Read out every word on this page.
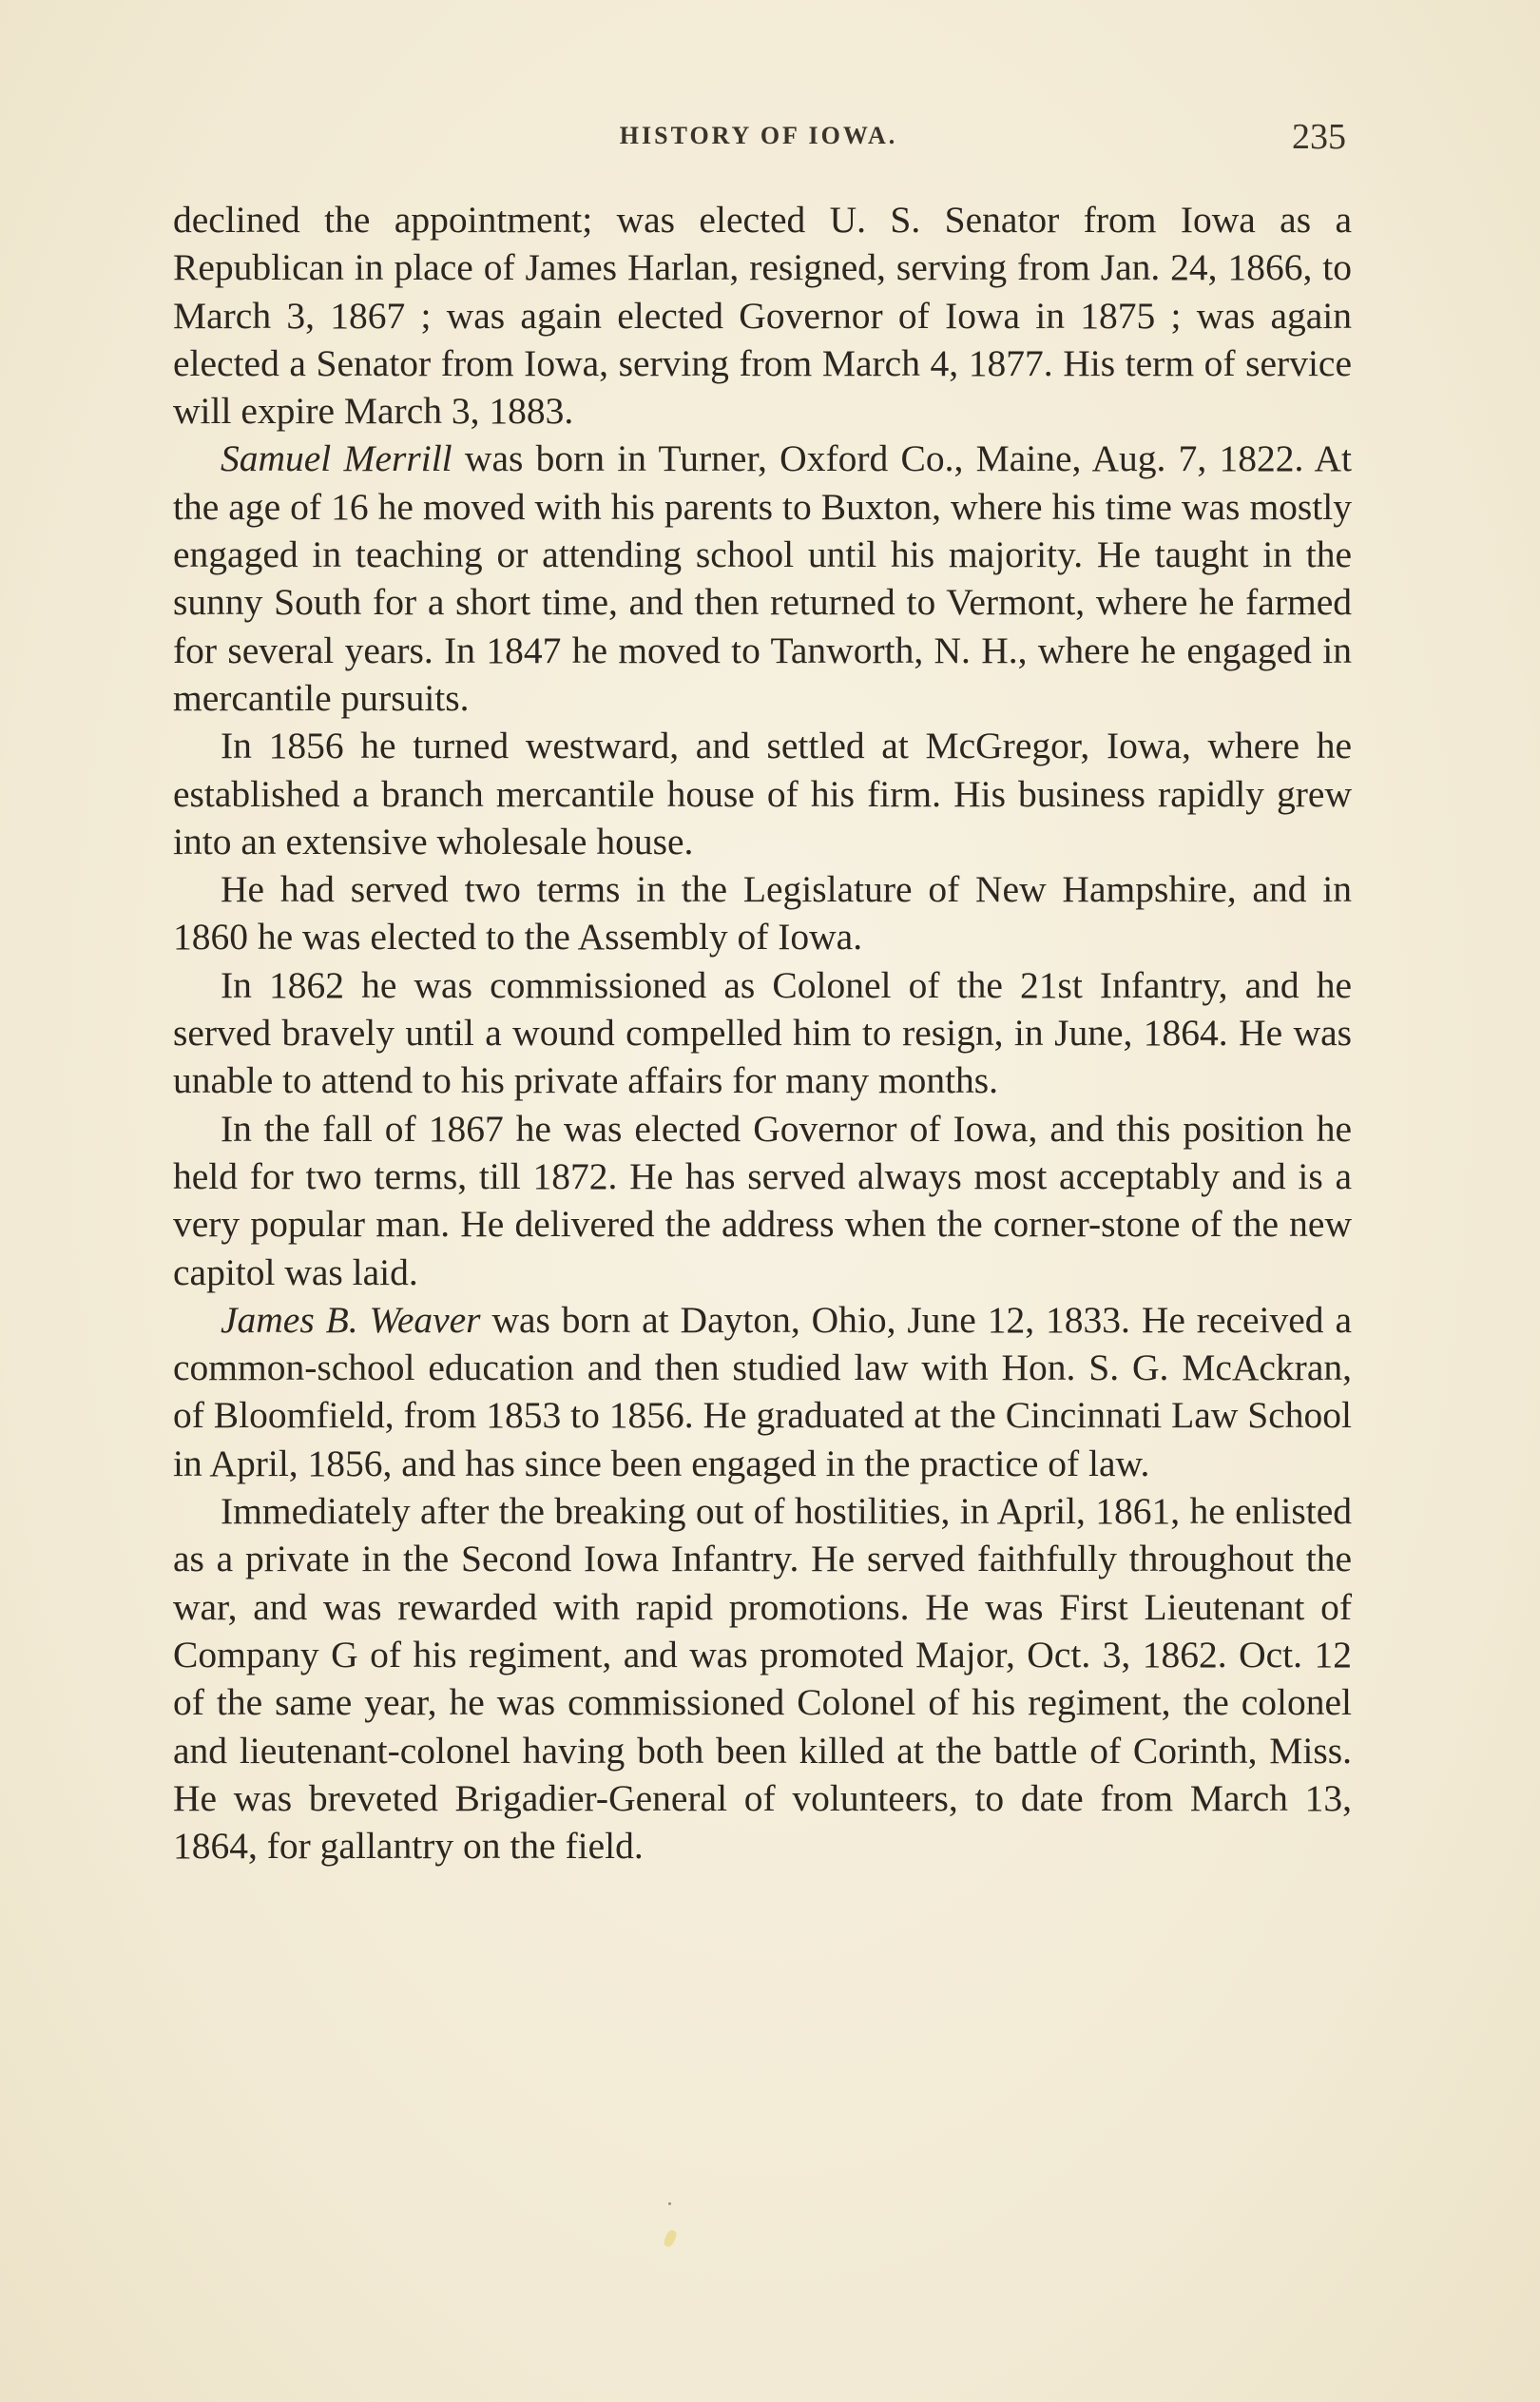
HISTORY OF IOWA.	235

declined the appointment; was elected U. S. Senator from Iowa as a Republican in place of James Harlan, resigned, serving from Jan. 24, 1866, to March 3, 1867 ; was again elected Governor of Iowa in 1875 ; was again elected a Senator from Iowa, serving from March 4, 1877. His term of service will expire March 3, 1883.

Samuel Merrill was born in Turner, Oxford Co., Maine, Aug. 7, 1822. At the age of 16 he moved with his parents to Buxton, where his time was mostly engaged in teaching or attending school until his majority. He taught in the sunny South for a short time, and then returned to Vermont, where he farmed for several years. In 1847 he moved to Tanworth, N. H., where he engaged in mercantile pursuits.

In 1856 he turned westward, and settled at McGregor, Iowa, where he established a branch mercantile house of his firm. His business rapidly grew into an extensive wholesale house.

He had served two terms in the Legislature of New Hampshire, and in 1860 he was elected to the Assembly of Iowa.

In 1862 he was commissioned as Colonel of the 21st Infantry, and he served bravely until a wound compelled him to resign, in June, 1864. He was unable to attend to his private affairs for many months.

In the fall of 1867 he was elected Governor of Iowa, and this position he held for two terms, till 1872. He has served always most acceptably and is a very popular man. He delivered the address when the corner-stone of the new capitol was laid.

James B. Weaver was born at Dayton, Ohio, June 12, 1833. He received a common-school education and then studied law with Hon. S. G. McAckran, of Bloomfield, from 1853 to 1856. He graduated at the Cincinnati Law School in April, 1856, and has since been engaged in the practice of law.

Immediately after the breaking out of hostilities, in April, 1861, he enlisted as a private in the Second Iowa Infantry. He served faithfully throughout the war, and was rewarded with rapid promotions. He was First Lieutenant of Company G of his regiment, and was promoted Major, Oct. 3, 1862. Oct. 12 of the same year, he was commissioned Colonel of his regiment, the colonel and lieutenant-colonel having both been killed at the battle of Corinth, Miss. He was breveted Brigadier-General of volunteers, to date from March 13, 1864, for gallantry on the field.
